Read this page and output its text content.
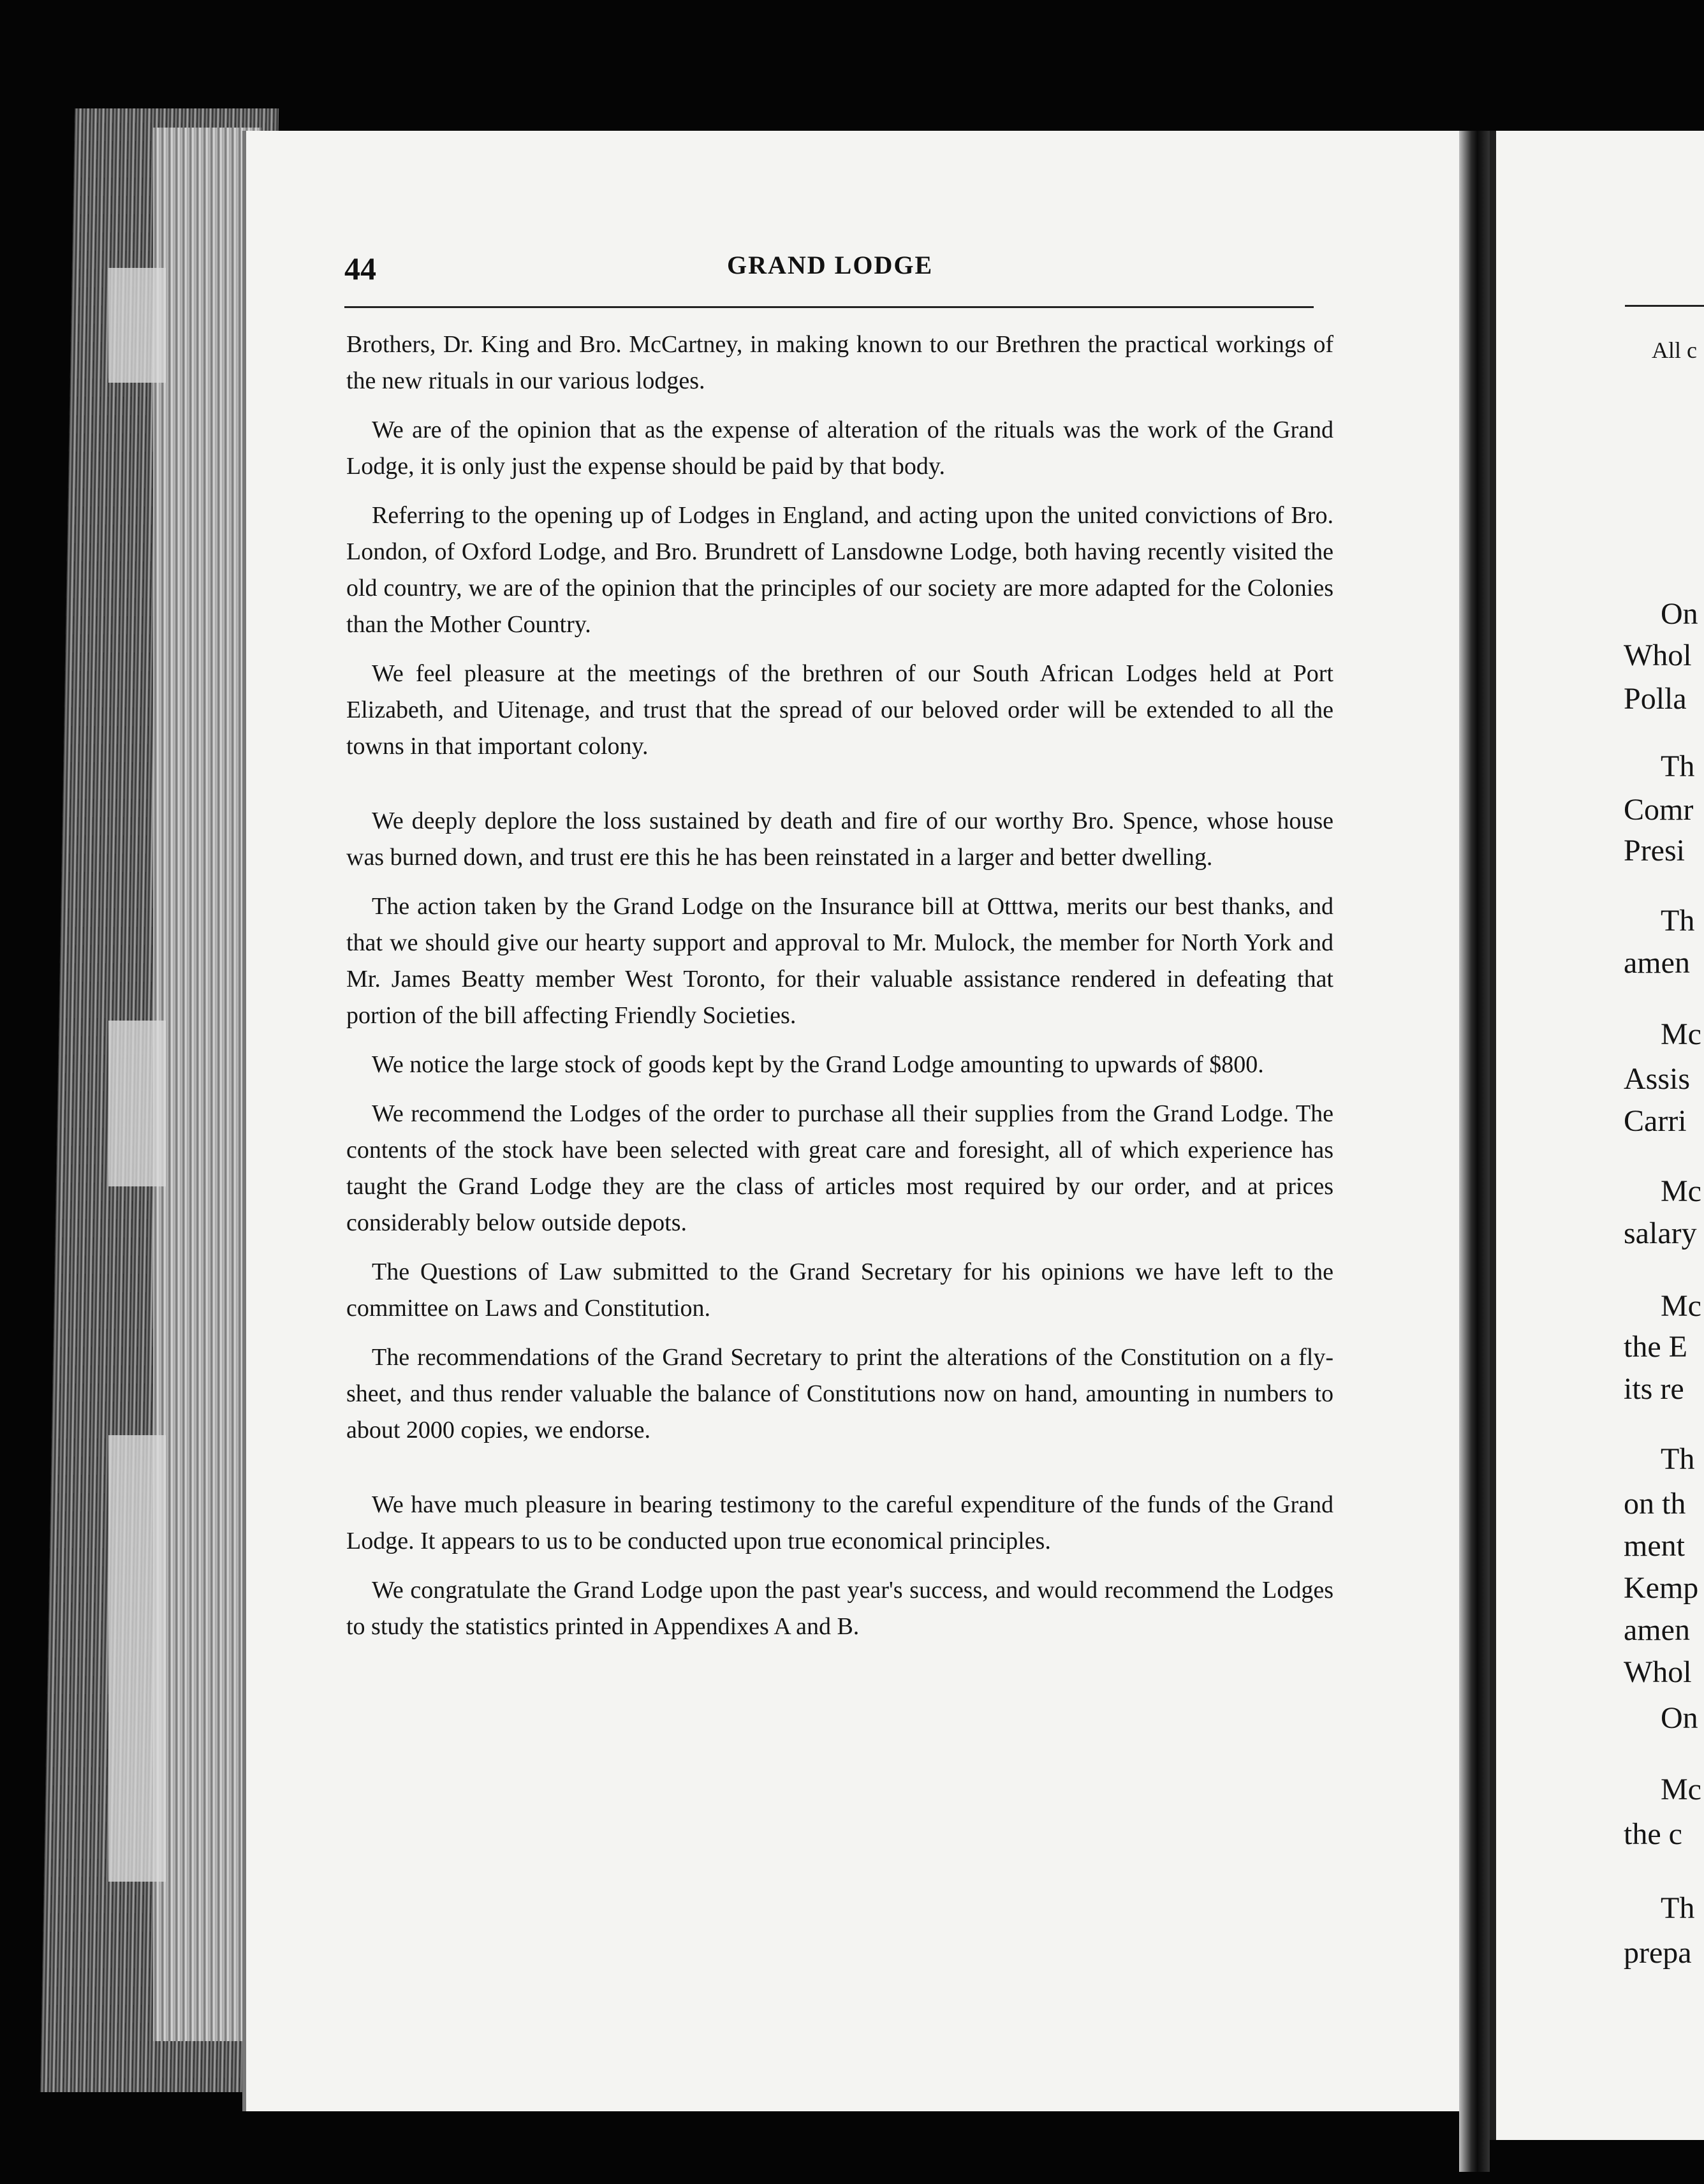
44	GRAND LODGE

Brothers, Dr. King and Bro. McCartney, in making known to our Brethren the practical workings of the new rituals in our various lodges.

We are of the opinion that as the expense of alteration of the rituals was the work of the Grand Lodge, it is only just the expense should be paid by that body.

Referring to the opening up of Lodges in England, and acting upon the united convictions of Bro. London, of Oxford Lodge, and Bro. Brundrett of Lansdowne Lodge, both having recently visited the old country, we are of the opinion that the principles of our society are more adapted for the Colonies than the Mother Country.

We feel pleasure at the meetings of the brethren of our South African Lodges held at Port Elizabeth, and Uitenage, and trust that the spread of our beloved order will be extended to all the towns in that important colony.

We deeply deplore the loss sustained by death and fire of our worthy Bro. Spence, whose house was burned down, and trust ere this he has been reinstated in a larger and better dwelling.

The action taken by the Grand Lodge on the Insurance bill at Otttwa, merits our best thanks, and that we should give our hearty support and approval to Mr. Mulock, the member for North York and Mr. James Beatty member West Toronto, for their valuable assistance rendered in defeating that portion of the bill affecting Friendly Societies.

We notice the large stock of goods kept by the Grand Lodge amounting to upwards of $800.

We recommend the Lodges of the order to purchase all their supplies from the Grand Lodge. The contents of the stock have been selected with great care and foresight, all of which experience has taught the Grand Lodge they are the class of articles most required by our order, and at prices considerably below outside depots.

The Questions of Law submitted to the Grand Secretary for his opinions we have left to the committee on Laws and Constitution.

The recommendations of the Grand Secretary to print the alterations of the Constitution on a fly-sheet, and thus render valuable the balance of Constitutions now on hand, amounting in numbers to about 2000 copies, we endorse.

We have much pleasure in bearing testimony to the careful expenditure of the funds of the Grand Lodge. It appears to us to be conducted upon true economical principles.

We congratulate the Grand Lodge upon the past year's success, and would recommend the Lodges to study the statistics printed in Appendixes A and B.

All c
On
Whol
Polla
Th
Comr
Presi
Th
amen
Mc
Assis
Carri
Mc
salary
Mc
the E
its re
Th
on th
ment
Kemp
amen
Whol
On
Mc
the c
Th
prepa
